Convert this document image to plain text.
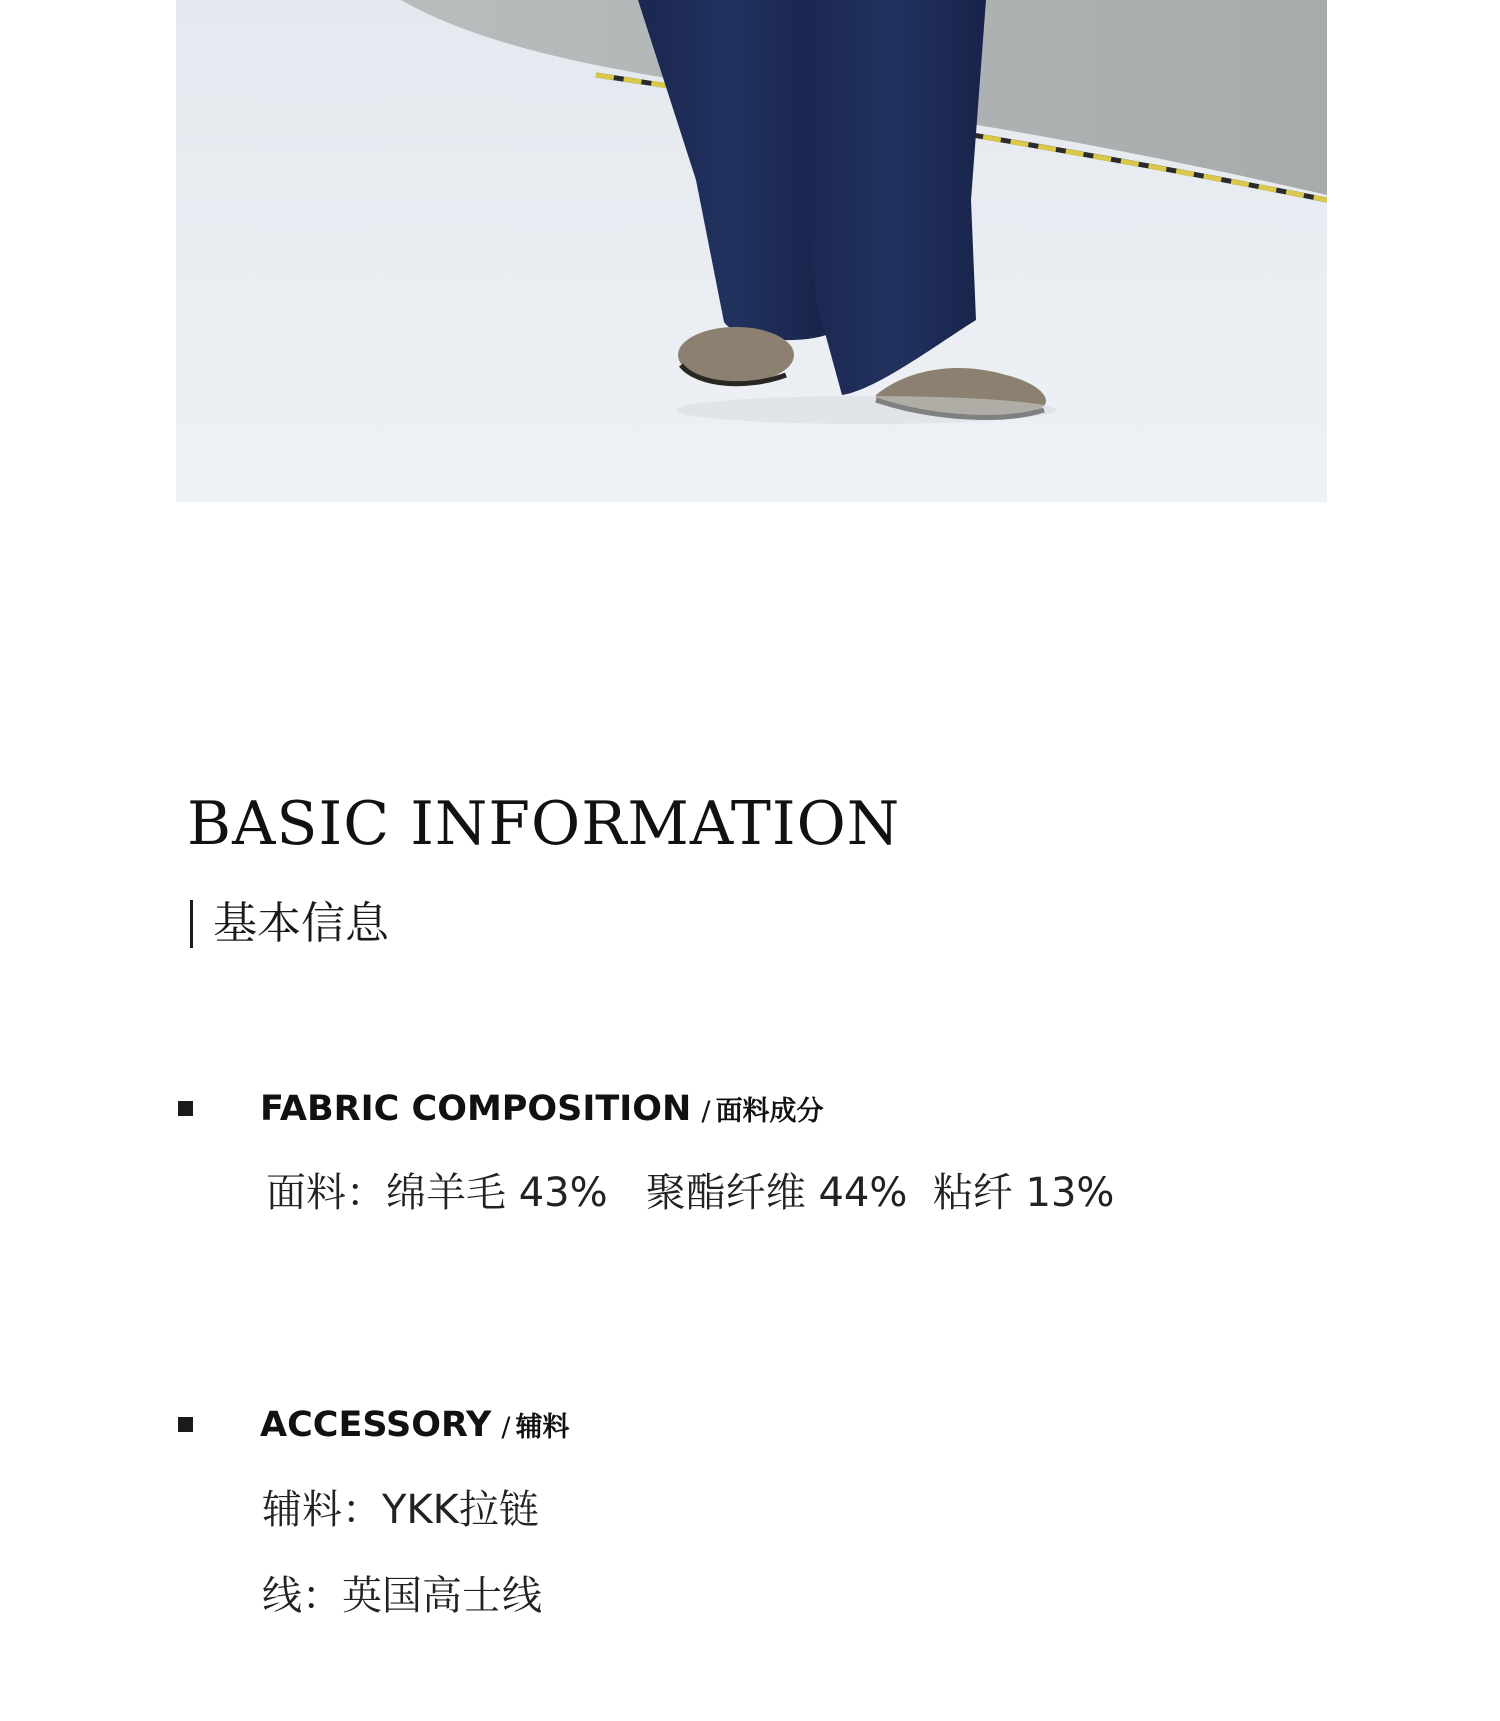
BASIC INFORMATION
基本信息
FABRIC COMPOSITION / 面料成分
面料：绵羊毛 43%   聚酯纤维 44%  粘纤 13%
ACCESSORY / 辅料
辅料：YKK拉链
线：英国高士线
